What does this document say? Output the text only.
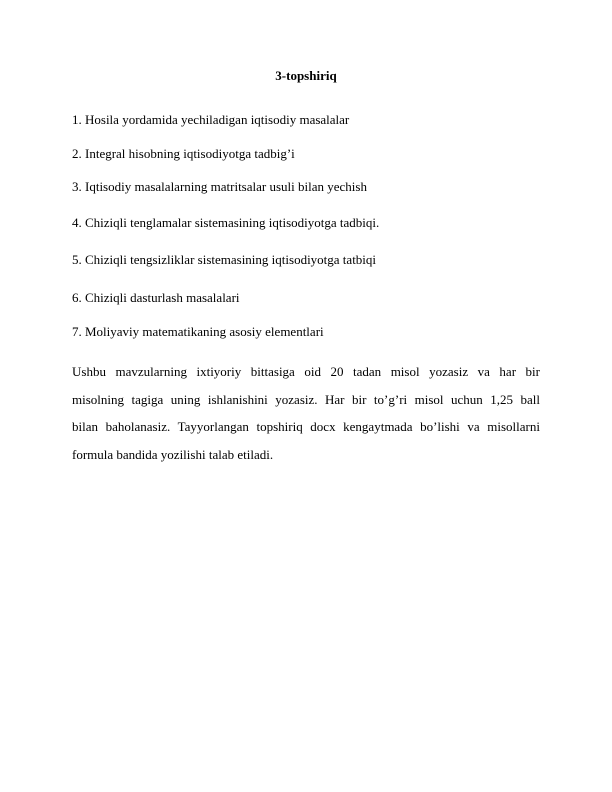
3-topshiriq
1. Hosila yordamida yechiladigan iqtisodiy masalalar
2. Integral hisobning iqtisodiyotga tadbig’i
3. Iqtisodiy masalalarning matritsalar usuli bilan yechish
4. Chiziqli tenglamalar sistemasining iqtisodiyotga tadbiqi.
5. Chiziqli tengsizliklar sistemasining iqtisodiyotga tatbiqi
6. Chiziqli dasturlash masalalari
7. Moliyaviy matematikaning asosiy elementlari

Ushbu mavzularning ixtiyoriy bittasiga oid 20 tadan misol yozasiz va har bir
misolning tagiga uning ishlanishini yozasiz. Har bir to’g’ri misol uchun 1,25 ball
bilan baholanasiz. Tayyorlangan topshiriq docx kengaytmada bo’lishi va misollarni
formula bandida yozilishi talab etiladi.
